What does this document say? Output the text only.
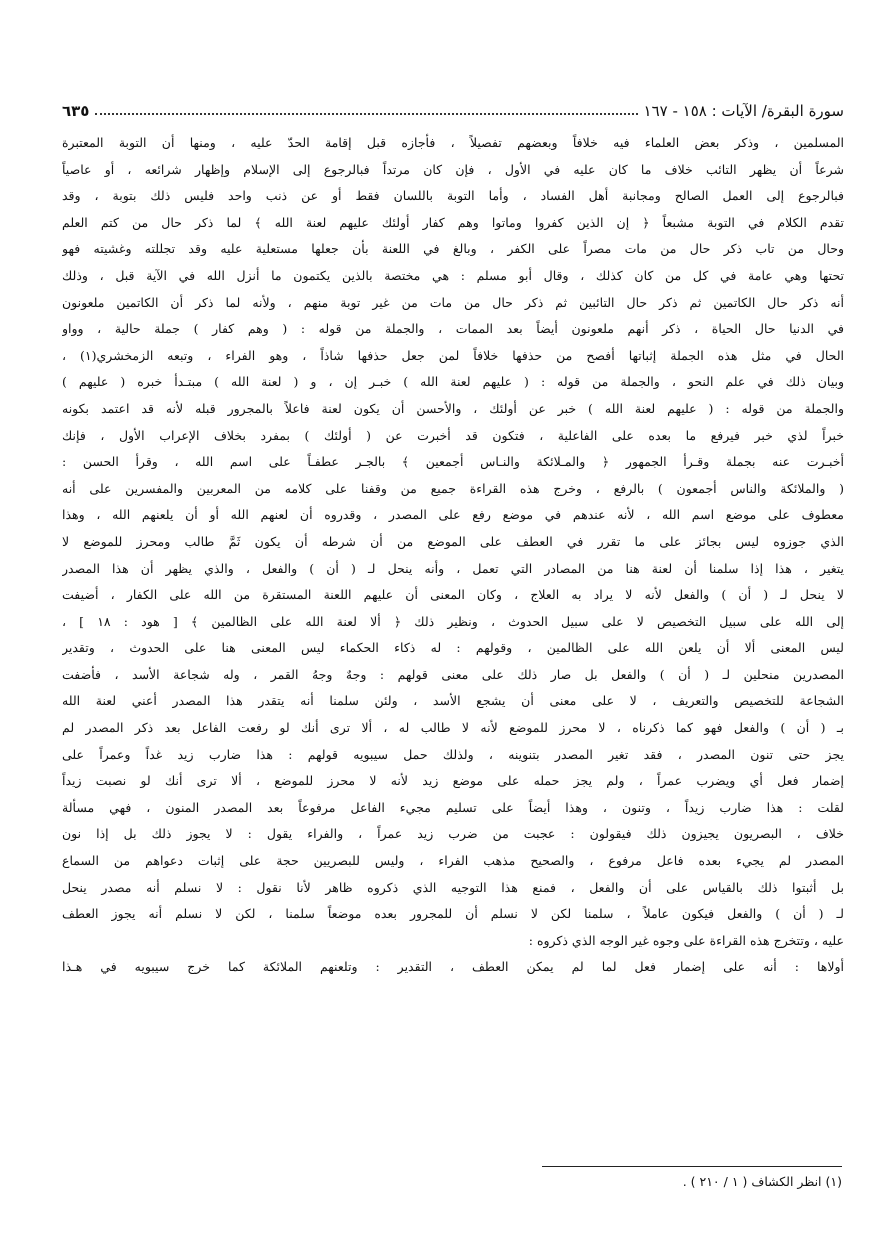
سورة البقرة/ الآيات : ١٥٨ - ١٦٧
٦٣٥
المسلمين ، وذكر بعض العلماء فيه خلافاً وبعضهم تفصيلاً ، فأجازه قبل إقامة الحدّ عليه ، ومنها أن التوبة المعتبرة
شرعاً أن يظهر التائب خلاف ما كان عليه في الأول ، فإن كان مرتداً فبالرجوع إلى الإسلام وإظهار شرائعه ، أو عاصياً
فبالرجوع إلى العمل الصالح ومجانبة أهل الفساد ، وأما التوبة باللسان فقط أو عن ذنب واحد فليس ذلك بتوبة ، وقد
تقدم الكلام في التوبة مشبعاً ﴿ إن الذين كفروا وماتوا وهم كفار أولئك عليهم لعنة الله ﴾ لما ذكر حال من كتم العلم
وحال من تاب ذكر حال من مات مصراً على الكفر ، وبالغ في اللعنة بأن جعلها مستعلية عليه وقد تجللته وغشيته فهو
تحتها وهي عامة في كل من كان كذلك ، وقال أبو مسلم : هي مختصة بالذين يكتمون ما أنزل الله في الآية قبل ، وذلك
أنه ذكر حال الكاتمين ثم ذكر حال التائبين ثم ذكر حال من مات من غير توبة منهم ، ولأنه لما ذكر أن الكاتمين ملعونون
في الدنيا حال الحياة ، ذكر أنهم ملعونون أيضاً بعد الممات ، والجملة من قوله : ( وهم كفار ) جملة حالية ، وواو
الحال في مثل هذه الجملة إثباتها أفصح من حذفها خلافاً لمن جعل حذفها شاذاً ، وهو الفراء ، وتبعه الزمخشري(١) ،
وبيان ذلك في علم النحو ، والجملة من قوله : ( عليهم لعنة الله ) خبـر إن ، و ( لعنة الله ) مبتـدأ خبره ( عليهم )
والجملة من قوله : ( عليهم لعنة الله ) خبر عن أولئك ، والأحسن أن يكون لعنة فاعلاً بالمجرور قبله لأنه قد اعتمد بكونه
خبراً لذي خبر فيرفع ما بعده على الفاعلية ، فتكون قد أخبرت عن ( أولئك ) بمفرد بخلاف الإعراب الأول ، فإنك
أخبـرت عنه بجملة وقـرأ الجمهور ﴿ والمـلائكة والنـاس أجمعين ﴾ بالجـر عطفـاً على اسم الله ، وقرأ الحسن :
( والملائكة والناس أجمعون ) بالرفع ، وخرج هذه القراءة جميع من وقفنا على كلامه من المعربين والمفسرين على أنه
معطوف على موضع اسم الله ، لأنه عندهم في موضع رفع على المصدر ، وقدروه أن لعنهم الله أو أن يلعنهم الله ، وهذا
الذي جوزوه ليس بجائز على ما تقرر في العطف على الموضع من أن شرطه أن يكون ثَمَّ طالب ومحرز للموضع لا
يتغير ، هذا إذا سلمنا أن لعنة هنا من المصادر التي تعمل ، وأنه ينحل لـ ( أن ) والفعل ، والذي يظهر أن هذا المصدر
لا ينحل لـ ( أن ) والفعل لأنه لا يراد به العلاج ، وكان المعنى أن عليهم اللعنة المستقرة من الله على الكفار ، أضيفت
إلى الله على سبيل التخصيص لا على سبيل الحدوث ، ونظير ذلك ﴿ ألا لعنة الله على الظالمين ﴾ [ هود : ١٨ ] ،
ليس المعنى ألا أن يلعن الله على الظالمين ، وقولهم : له ذكاء الحكماء ليس المعنى هنا على الحدوث ، وتقدير
المصدرين منحلين لـ ( أن ) والفعل بل صار ذلك على معنى قولهم : وجهٌ وجهُ القمر ، وله شجاعة الأسد ، فأضفت
الشجاعة للتخصيص والتعريف ، لا على معنى أن يشجع الأسد ، ولئن سلمنا أنه يتقدر هذا المصدر أعني لعنة الله
بـ ( أن ) والفعل فهو كما ذكرناه ، لا محرز للموضع لأنه لا طالب له ، ألا ترى أنك لو رفعت الفاعل بعد ذكر المصدر لم
يجز حتى تنون المصدر ، فقد تغير المصدر بتنوينه ، ولذلك حمل سيبويه قولهم : هذا ضارب زيد غداً وعمراً على
إضمار فعل أي ويضرب عمراً ، ولم يجز حمله على موضع زيد لأنه لا محرز للموضع ، ألا ترى أنك لو نصبت زيداً
لقلت : هذا ضارب زيداً ، وتنون ، وهذا أيضاً على تسليم مجيء الفاعل مرفوعاً بعد المصدر المنون ، فهي مسألة
خلاف ، البصريون يجيزون ذلك فيقولون : عجبت من ضرب زيد عمراً ، والفراء يقول : لا يجوز ذلك بل إذا نون
المصدر لم يجيء بعده فاعل مرفوع ، والصحيح مذهب الفراء ، وليس للبصريين حجة على إثبات دعواهم من السماع
بل أثبتوا ذلك بالقياس على أن والفعل ، فمنع هذا التوجيه الذي ذكروه ظاهر لأنا نقول : لا نسلم أنه مصدر ينحل
لـ ( أن ) والفعل فيكون عاملاً ، سلمنا لكن لا نسلم أن للمجرور بعده موضعاً سلمنا ، لكن لا نسلم أنه يجوز العطف
عليه ، وتتخرج هذه القراءة على وجوه غير الوجه الذي ذكروه :
أولاها : أنه على إضمار فعل لما لم يمكن العطف ، التقدير : وتلعنهم الملائكة كما خرج سيبويه في هـذا
(١) انظر الكشاف ( ١ / ٢١٠ ) .
